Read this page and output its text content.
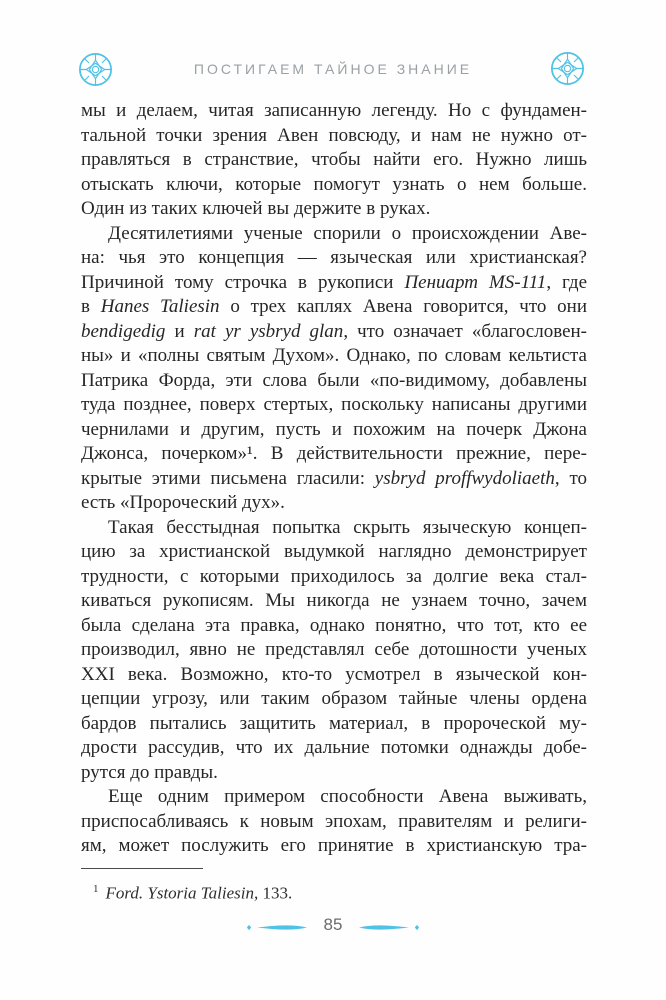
ПОСТИГАЕМ ТАЙНОЕ ЗНАНИЕ
мы и делаем, читая записанную легенду. Но с фундамен-
тальной точки зрения Авен повсюду, и нам не нужно от-
правляться в странствие, чтобы найти его. Нужно лишь
отыскать ключи, которые помогут узнать о нем больше.
Один из таких ключей вы держите в руках.
Десятилетиями ученые спорили о происхождении Аве-
на: чья это концепция — языческая или христианская?
Причиной тому строчка в рукописи Пениарт MS-111, где
в Hanes Taliesin о трех каплях Авена говорится, что они
bendigedig и rat yr ysbryd glan, что означает «благословен-
ны» и «полны святым Духом». Однако, по словам кельтиста
Патрика Форда, эти слова были «по-видимому, добавлены
туда позднее, поверх стертых, поскольку написаны другими
чернилами и другим, пусть и похожим на почерк Джона
Джонса, почерком»¹. В действительности прежние, пере-
крытые этими письмена гласили: ysbryd proffwydoliaeth, то
есть «Пророческий дух».
Такая бесстыдная попытка скрыть языческую концеп-
цию за христианской выдумкой наглядно демонстрирует
трудности, с которыми приходилось за долгие века стал-
киваться рукописям. Мы никогда не узнаем точно, зачем
была сделана эта правка, однако понятно, что тот, кто ее
производил, явно не представлял себе дотошности ученых
XXI века. Возможно, кто-то усмотрел в языческой кон-
цепции угрозу, или таким образом тайные члены ордена
бардов пытались защитить материал, в пророческой му-
дрости рассудив, что их дальние потомки однажды добе-
рутся до правды.
Еще одним примером способности Авена выживать,
приспосабливаясь к новым эпохам, правителям и религи-
ям, может послужить его принятие в христианскую тра-
$^1$ Ford. Ystoria Taliesin, 133.
85
